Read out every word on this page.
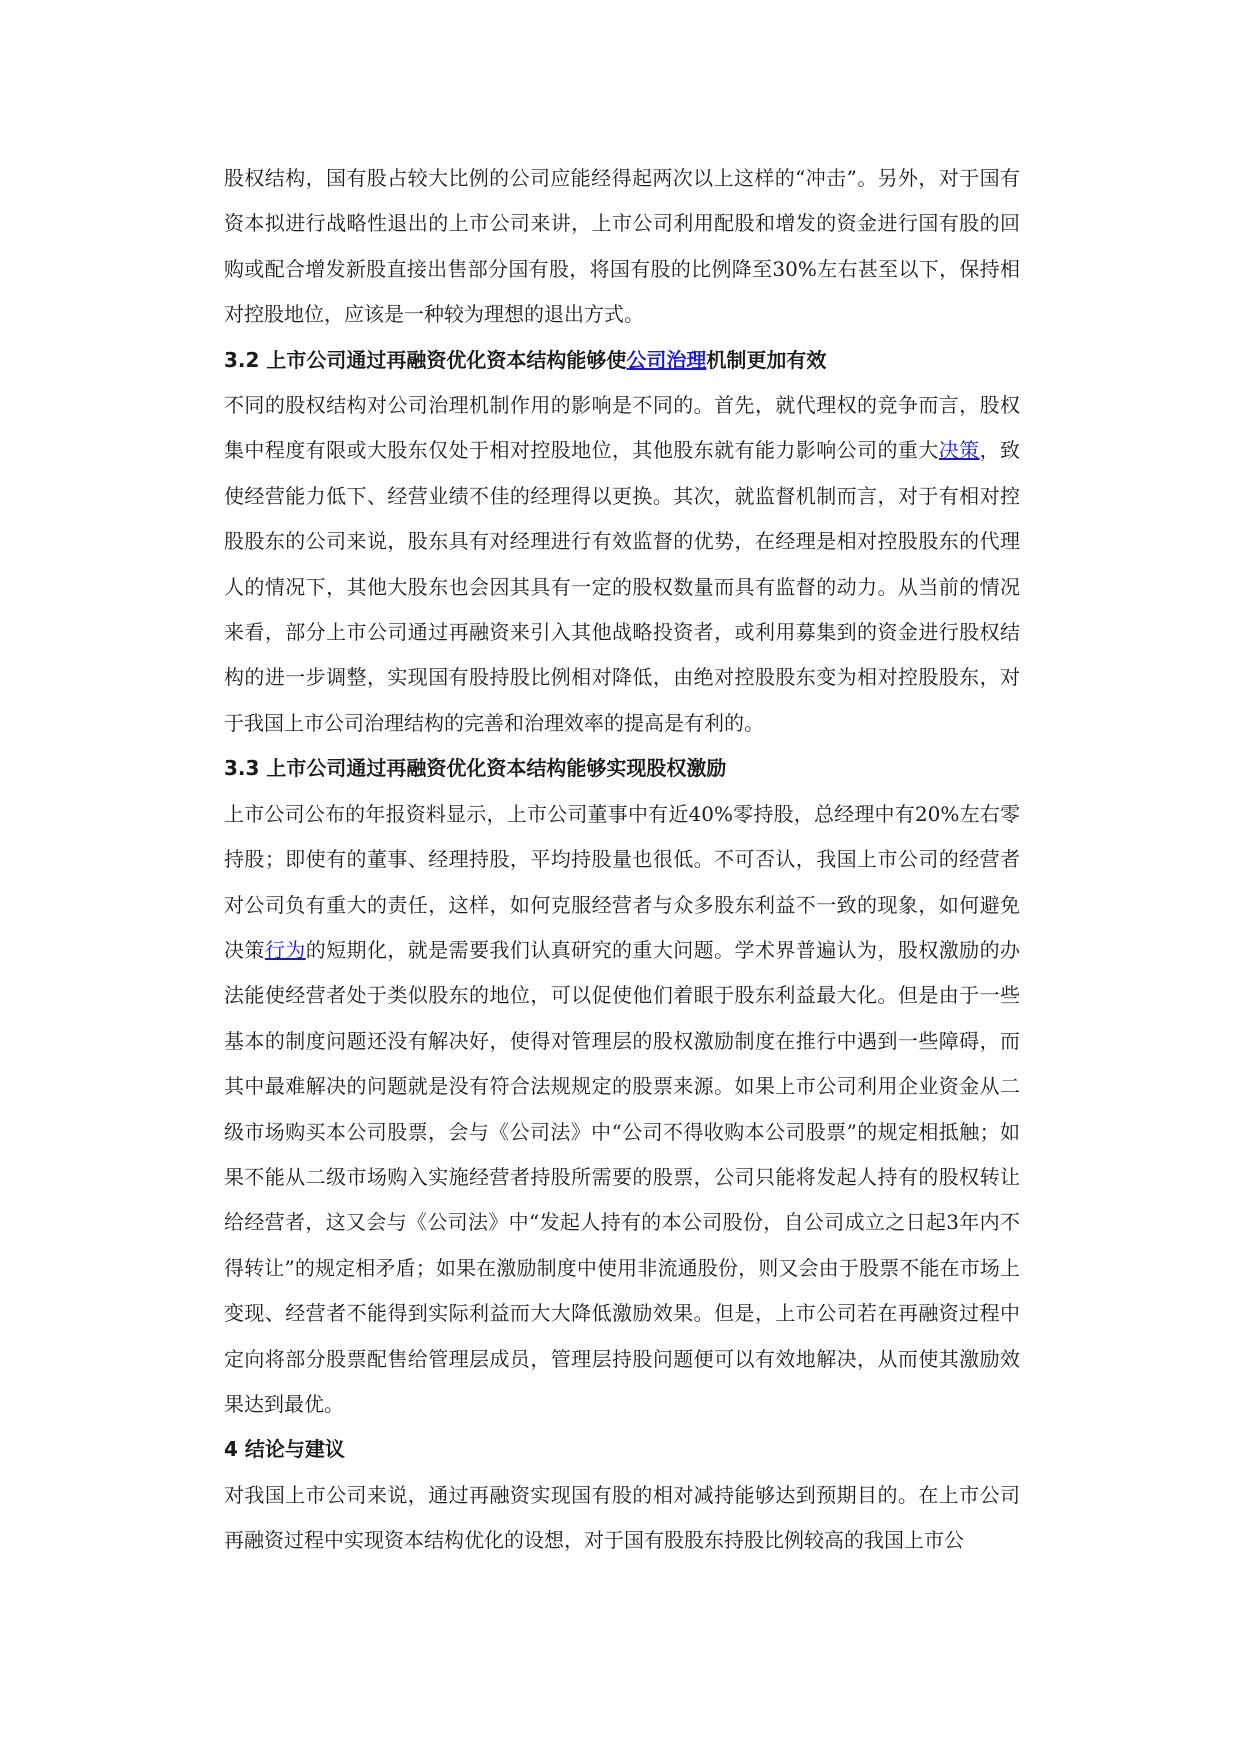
股权结构，国有股占较大比例的公司应能经得起两次以上这样的“冲击”。另外，对于国有资本拟进行战略性退出的上市公司来讲，上市公司利用配股和增发的资金进行国有股的回购或配合增发新股直接出售部分国有股，将国有股的比例降至30%左右甚至以下，保持相对控股地位，应该是一种较为理想的退出方式。

3.2 上市公司通过再融资优化资本结构能够使公司治理机制更加有效

不同的股权结构对公司治理机制作用的影响是不同的。首先，就代理权的竞争而言，股权集中程度有限或大股东仅处于相对控股地位，其他股东就有能力影响公司的重大决策，致使经营能力低下、经营业绩不佳的经理得以更换。其次，就监督机制而言，对于有相对控股股东的公司来说，股东具有对经理进行有效监督的优势，在经理是相对控股股东的代理人的情况下，其他大股东也会因其具有一定的股权数量而具有监督的动力。从当前的情况来看，部分上市公司通过再融资来引入其他战略投资者，或利用募集到的资金进行股权结构的进一步调整，实现国有股持股比例相对降低，由绝对控股股东变为相对控股股东，对于我国上市公司治理结构的完善和治理效率的提高是有利的。

3.3 上市公司通过再融资优化资本结构能够实现股权激励

上市公司公布的年报资料显示，上市公司董事中有近40%零持股，总经理中有20%左右零持股；即使有的董事、经理持股，平均持股量也很低。不可否认，我国上市公司的经营者对公司负有重大的责任，这样，如何克服经营者与众多股东利益不一致的现象，如何避免决策行为的短期化，就是需要我们认真研究的重大问题。学术界普遍认为，股权激励的办法能使经营者处于类似股东的地位，可以促使他们着眼于股东利益最大化。但是由于一些基本的制度问题还没有解决好，使得对管理层的股权激励制度在推行中遇到一些障碍，而其中最难解决的问题就是没有符合法规规定的股票来源。如果上市公司利用企业资金从二级市场购买本公司股票，会与《公司法》中“公司不得收购本公司股票”的规定相抵触；如果不能从二级市场购入实施经营者持股所需要的股票，公司只能将发起人持有的股权转让给经营者，这又会与《公司法》中“发起人持有的本公司股份，自公司成立之日起3年内不得转让”的规定相矛盾；如果在激励制度中使用非流通股份，则又会由于股票不能在市场上变现、经营者不能得到实际利益而大大降低激励效果。但是，上市公司若在再融资过程中定向将部分股票配售给管理层成员，管理层持股问题便可以有效地解决，从而使其激励效果达到最优。

4 结论与建议

对我国上市公司来说，通过再融资实现国有股的相对减持能够达到预期目的。在上市公司再融资过程中实现资本结构优化的设想，对于国有股股东持股比例较高的我国上市公
